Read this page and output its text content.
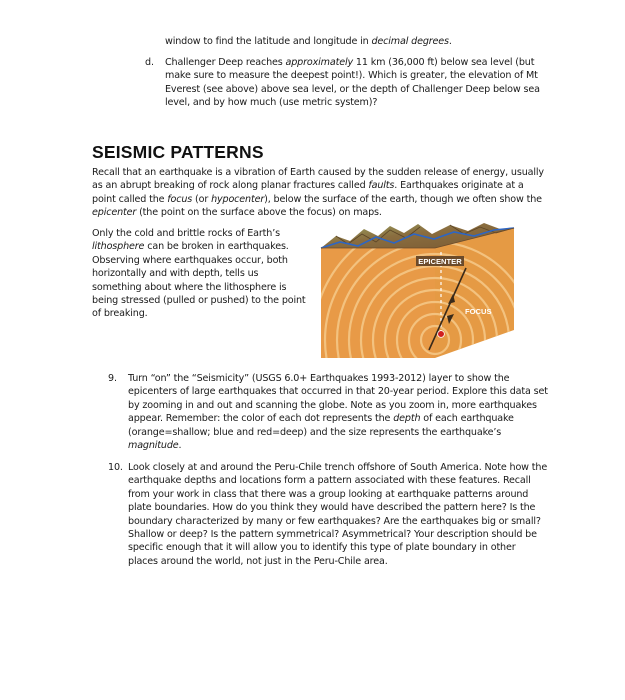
window to find the latitude and longitude in decimal degrees.

d. Challenger Deep reaches approximately 11 km (36,000 ft) below sea level (but make sure to measure the deepest point!). Which is greater, the elevation of Mt Everest (see above) above sea level, or the depth of Challenger Deep below sea level, and by how much (use metric system)?

SEISMIC PATTERNS

Recall that an earthquake is a vibration of Earth caused by the sudden release of energy, usually as an abrupt breaking of rock along planar fractures called faults. Earthquakes originate at a point called the focus (or hypocenter), below the surface of the earth, though we often show the epicenter (the point on the surface above the focus) on maps.

Only the cold and brittle rocks of Earth’s lithosphere can be broken in earthquakes. Observing where earthquakes occur, both horizontally and with depth, tells us something about where the lithosphere is being stressed (pulled or pushed) to the point of breaking.

EPICENTER
FOCUS
9. Turn “on” the “Seismicity” (USGS 6.0+ Earthquakes 1993-2012) layer to show the epicenters of large earthquakes that occurred in that 20-year period. Explore this data set by zooming in and out and scanning the globe. Note as you zoom in, more earthquakes appear. Remember: the color of each dot represents the depth of each earthquake (orange=shallow; blue and red=deep) and the size represents the earthquake’s magnitude.

10. Look closely at and around the Peru-Chile trench offshore of South America. Note how the earthquake depths and locations form a pattern associated with these features. Recall from your work in class that there was a group looking at earthquake patterns around plate boundaries. How do you think they would have described the pattern here? Is the boundary characterized by many or few earthquakes? Are the earthquakes big or small? Shallow or deep? Is the pattern symmetrical? Asymmetrical? Your description should be specific enough that it will allow you to identify this type of plate boundary in other places around the world, not just in the Peru-Chile area.
